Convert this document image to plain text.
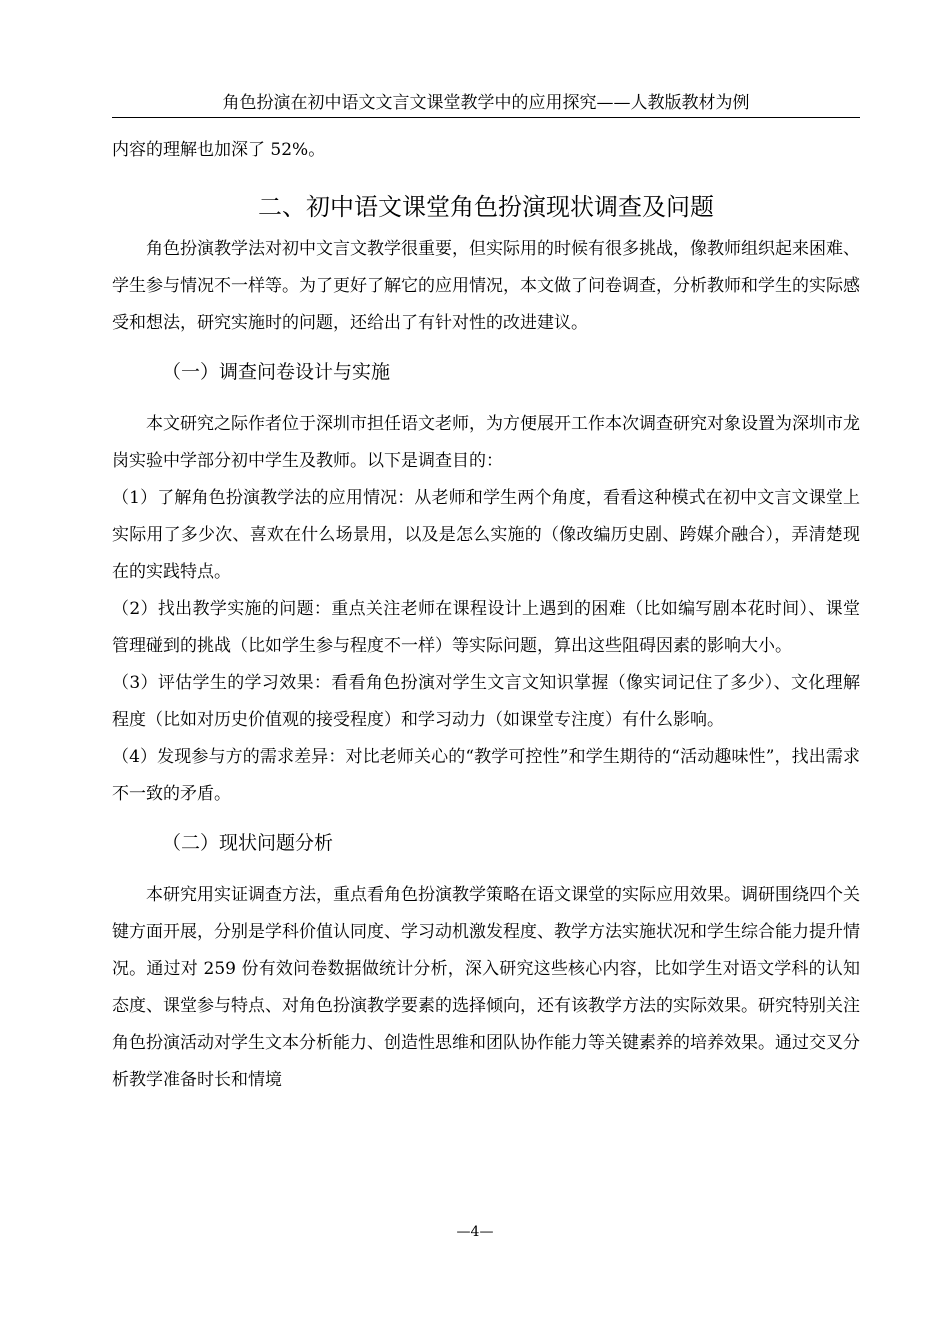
角色扮演在初中语文文言文课堂教学中的应用探究——人教版教材为例

内容的理解也加深了 52%。

二、初中语文课堂角色扮演现状调查及问题

角色扮演教学法对初中文言文教学很重要，但实际用的时候有很多挑战，像教师组织起来困难、学生参与情况不一样等。为了更好了解它的应用情况，本文做了问卷调查，分析教师和学生的实际感受和想法，研究实施时的问题，还给出了有针对性的改进建议。

（一）调查问卷设计与实施

本文研究之际作者位于深圳市担任语文老师，为方便展开工作本次调查研究对象设置为深圳市龙岗实验中学部分初中学生及教师。以下是调查目的：

（1）了解角色扮演教学法的应用情况：从老师和学生两个角度，看看这种模式在初中文言文课堂上实际用了多少次、喜欢在什么场景用，以及是怎么实施的（像改编历史剧、跨媒介融合），弄清楚现在的实践特点。

（2）找出教学实施的问题：重点关注老师在课程设计上遇到的困难（比如编写剧本花时间）、课堂管理碰到的挑战（比如学生参与程度不一样）等实际问题，算出这些阻碍因素的影响大小。

（3）评估学生的学习效果：看看角色扮演对学生文言文知识掌握（像实词记住了多少）、文化理解程度（比如对历史价值观的接受程度）和学习动力（如课堂专注度）有什么影响。

（4）发现参与方的需求差异：对比老师关心的“教学可控性”和学生期待的“活动趣味性”，找出需求不一致的矛盾。

（二）现状问题分析

本研究用实证调查方法，重点看角色扮演教学策略在语文课堂的实际应用效果。调研围绕四个关键方面开展，分别是学科价值认同度、学习动机激发程度、教学方法实施状况和学生综合能力提升情况。通过对 259 份有效问卷数据做统计分析，深入研究这些核心内容，比如学生对语文学科的认知态度、课堂参与特点、对角色扮演教学要素的选择倾向，还有该教学方法的实际效果。研究特别关注角色扮演活动对学生文本分析能力、创造性思维和团队协作能力等关键素养的培养效果。通过交叉分析教学准备时长和情境

—4—
